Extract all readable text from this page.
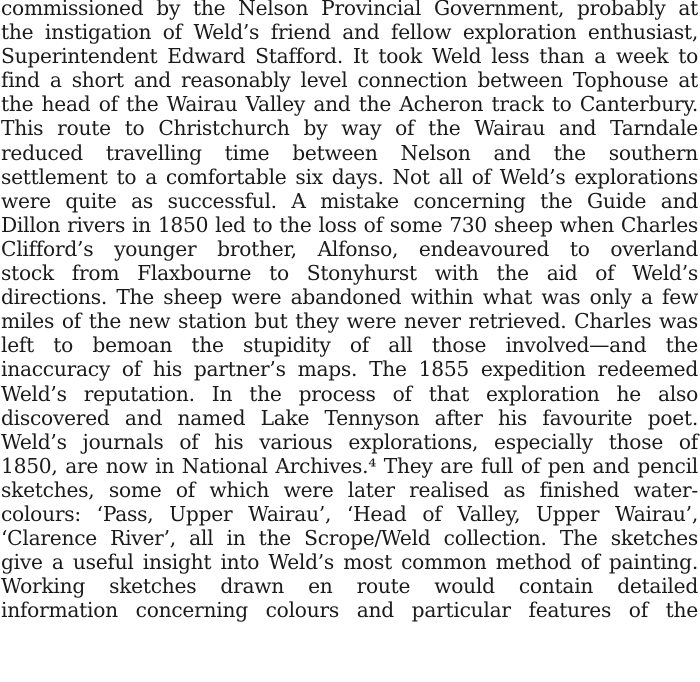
commissioned by the Nelson Provincial Government, probably at
the instigation of Weld’s friend and fellow exploration enthusiast,
Superintendent Edward Stafford. It took Weld less than a week to
find a short and reasonably level connection between Tophouse at
the head of the Wairau Valley and the Acheron track to Canterbury.
This route to Christchurch by way of the Wairau and Tarndale
reduced travelling time between Nelson and the southern
settlement to a comfortable six days. Not all of Weld’s explorations
were quite as successful. A mistake concerning the Guide and
Dillon rivers in 1850 led to the loss of some 730 sheep when Charles
Clifford’s younger brother, Alfonso, endeavoured to overland
stock from Flaxbourne to Stonyhurst with the aid of Weld’s
directions. The sheep were abandoned within what was only a few
miles of the new station but they were never retrieved. Charles was
left to bemoan the stupidity of all those involved—and the
inaccuracy of his partner’s maps. The 1855 expedition redeemed
Weld’s reputation. In the process of that exploration he also
discovered and named Lake Tennyson after his favourite poet.
Weld’s journals of his various explorations, especially those of
1850, are now in National Archives.⁴ They are full of pen and pencil
sketches, some of which were later realised as finished water-
colours: ‘Pass, Upper Wairau’, ‘Head of Valley, Upper Wairau’,
‘Clarence River’, all in the Scrope/Weld collection. The sketches
give a useful insight into Weld’s most common method of painting.
Working sketches drawn en route would contain detailed
information concerning colours and particular features of the
